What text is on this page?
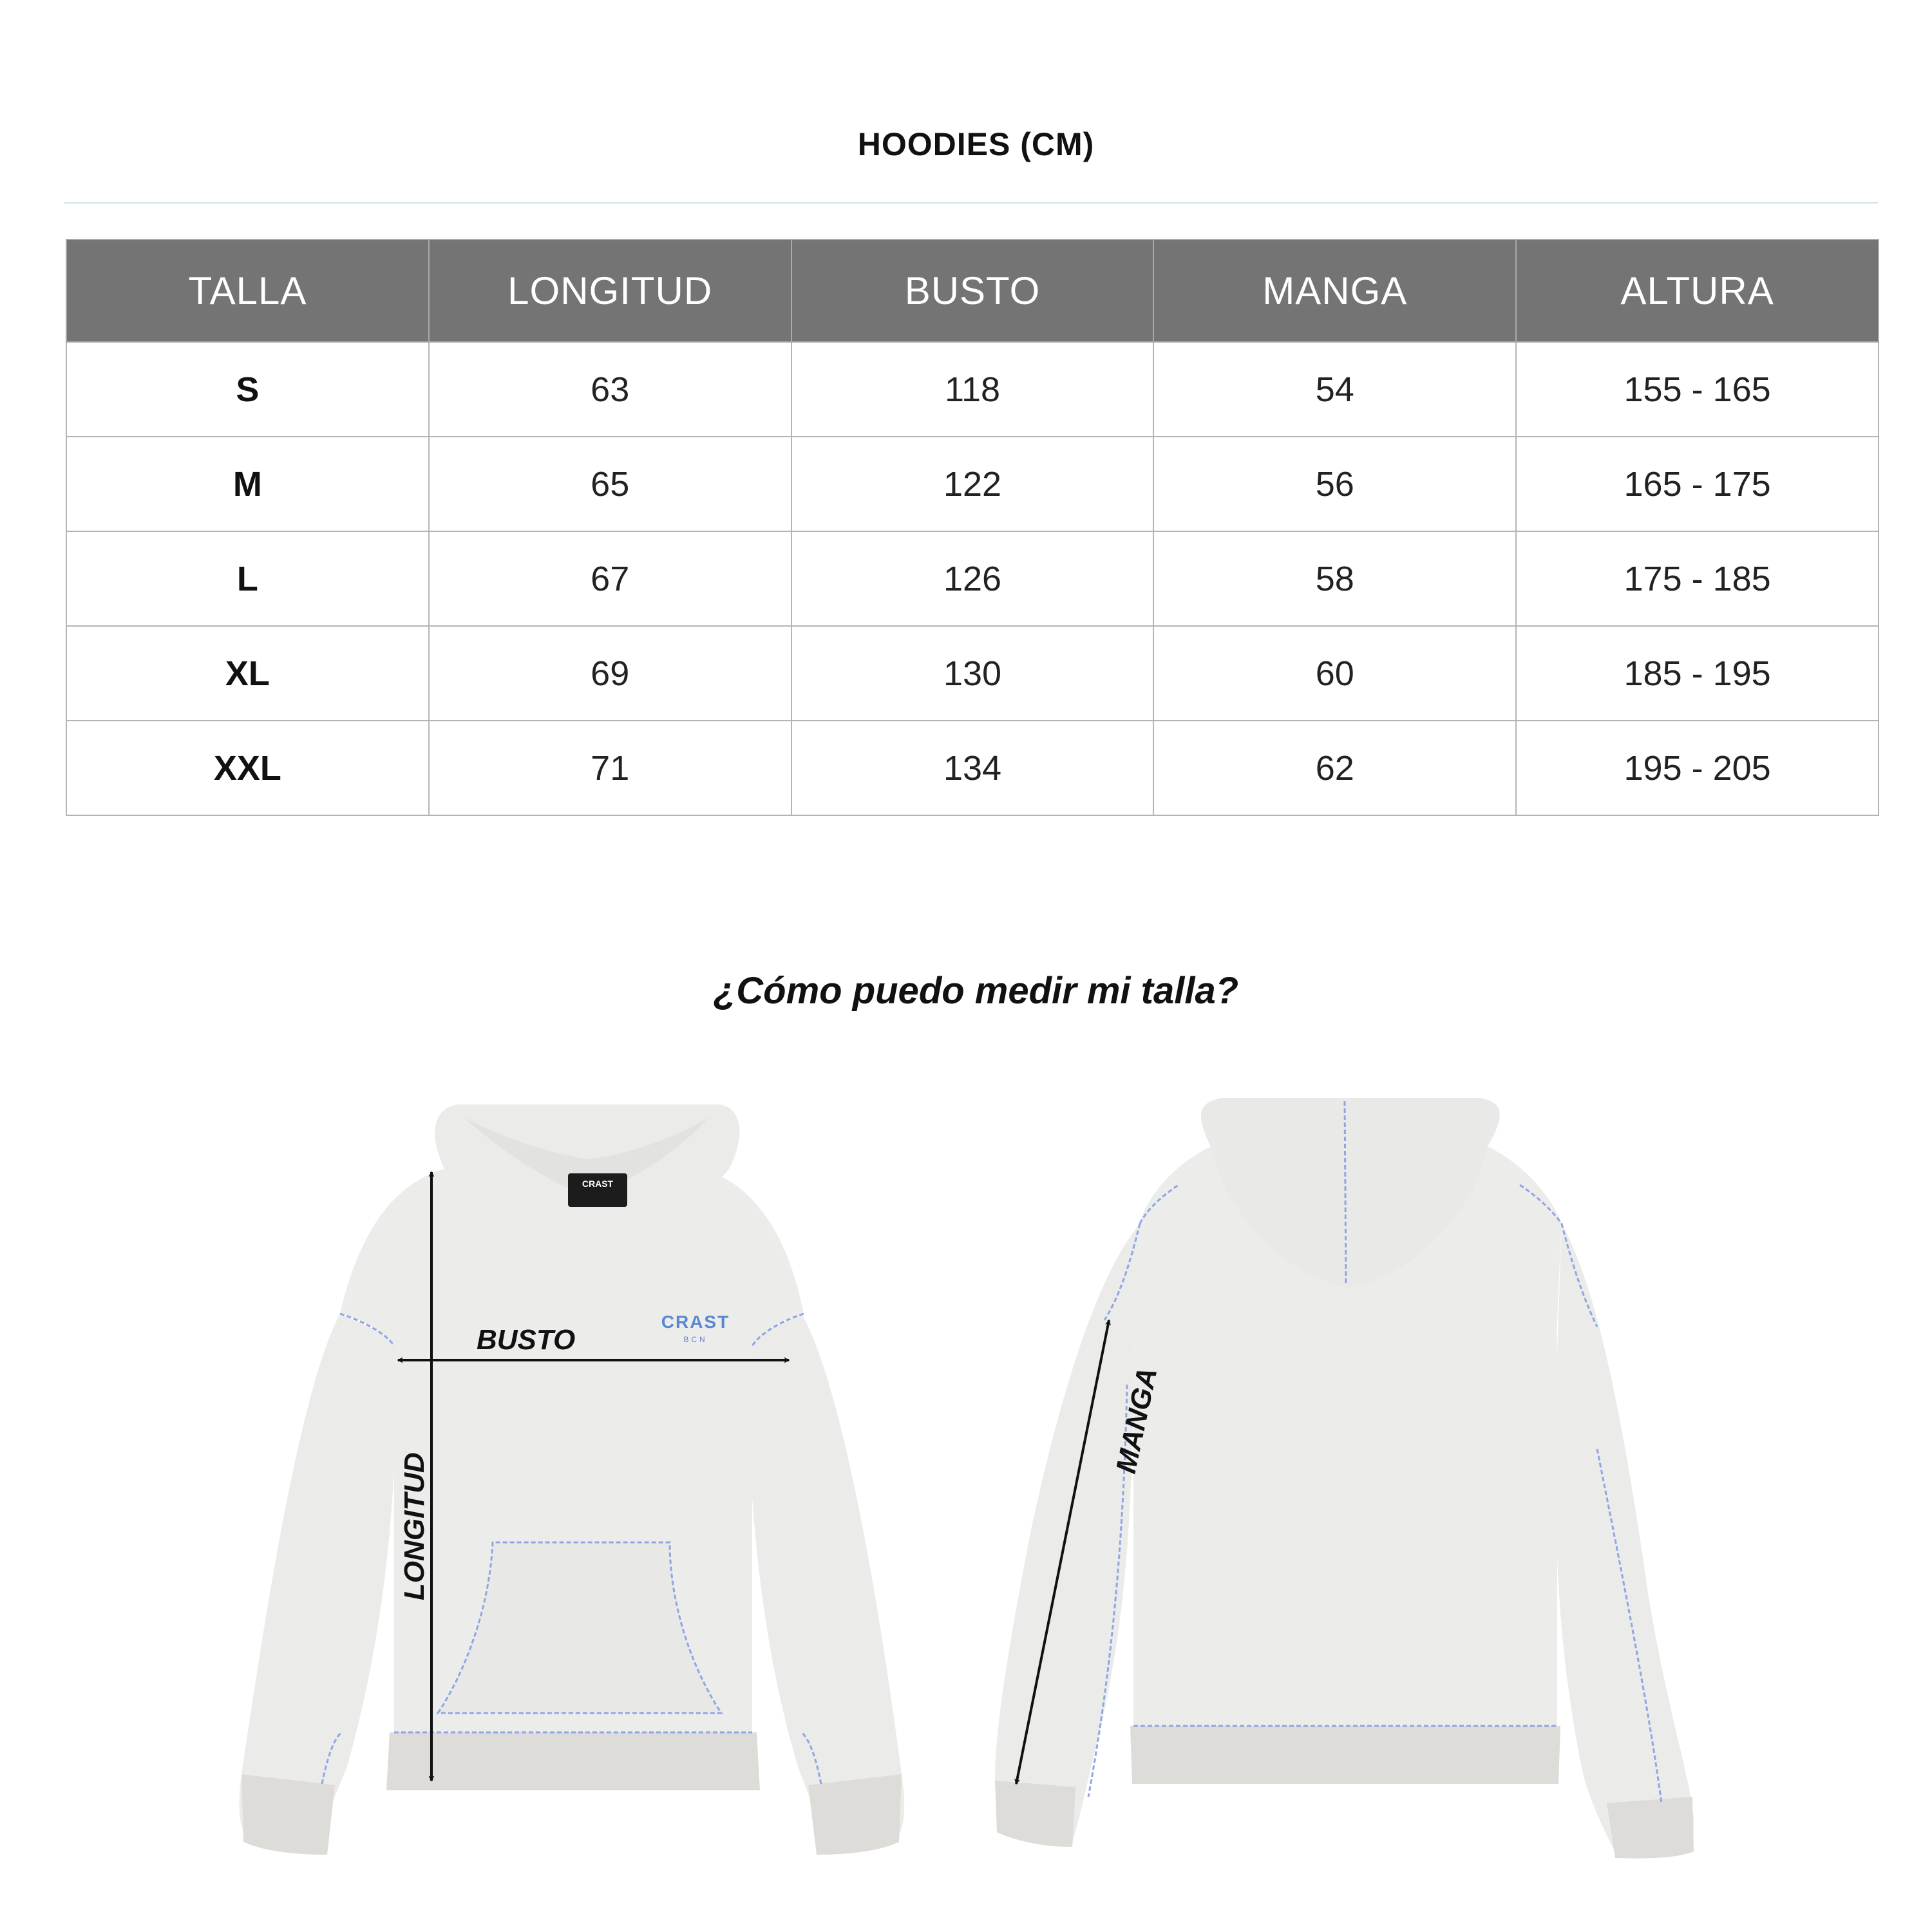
HOODIES (CM)
TALLA	LONGITUD	BUSTO	MANGA	ALTURA
S	63	118	54	155 - 165
M	65	122	56	165 - 175
L	67	126	58	175 - 185
XL	69	130	60	185 - 195
XXL	71	134	62	195 - 205
¿Cómo puedo medir mi talla?
CRAST
CRAST
BCN
BUSTO
LONGITUD
MANGA
